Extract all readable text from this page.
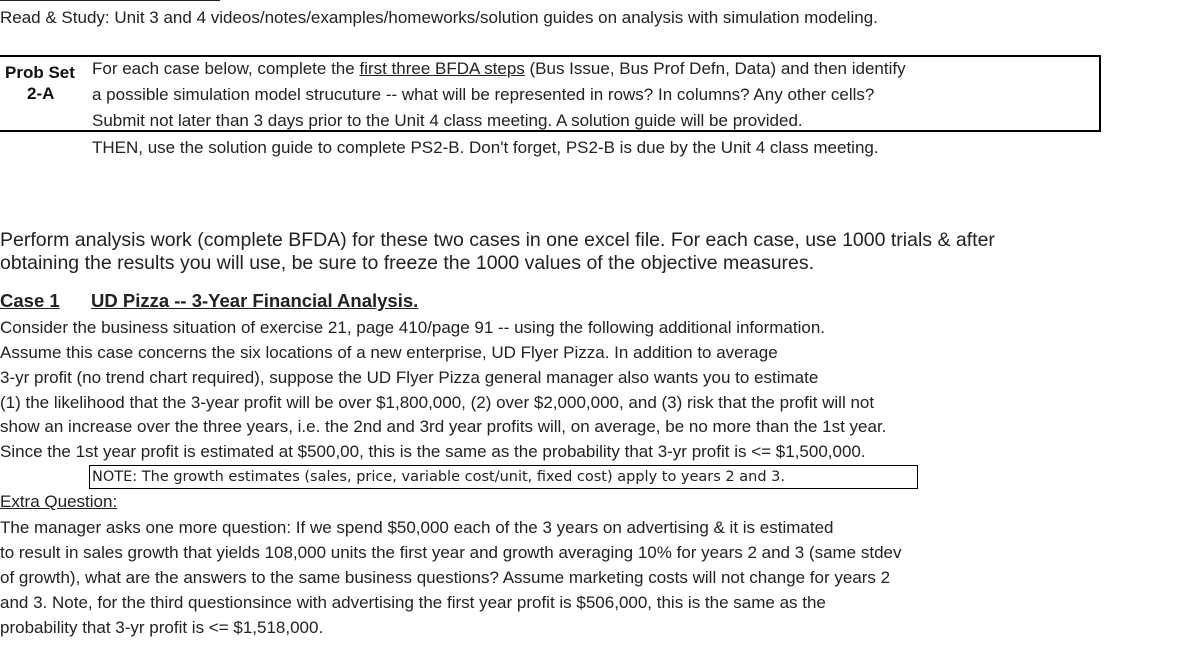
Read & Study: Unit 3 and 4 videos/notes/examples/homeworks/solution guides on analysis with simulation modeling.
Prob Set
2-A
For each case below, complete the first three BFDA steps (Bus Issue, Bus Prof Defn, Data) and then identify
a possible simulation model strucuture -- what will be represented in rows? In columns? Any other cells?
Submit not later than 3 days prior to the Unit 4 class meeting. A solution guide will be provided.
THEN, use the solution guide to complete PS2-B. Don't forget, PS2-B is due by the Unit 4 class meeting.
Perform analysis work (complete BFDA) for these two cases in one excel file. For each case, use 1000 trials & after
obtaining the results you will use, be sure to freeze the 1000 values of the objective measures.
Case 1 UD Pizza -- 3-Year Financial Analysis.
Consider the business situation of exercise 21, page 410/page 91 -- using the following additional information.
Assume this case concerns the six locations of a new enterprise, UD Flyer Pizza. In addition to average
3-yr profit (no trend chart required), suppose the UD Flyer Pizza general manager also wants you to estimate
(1) the likelihood that the 3-year profit will be over $1,800,000, (2) over $2,000,000, and (3) risk that the profit will not
show an increase over the three years, i.e. the 2nd and 3rd year profits will, on average, be no more than the 1st year.
Since the 1st year profit is estimated at $500,00, this is the same as the probability that 3-yr profit is <= $1,500,000.
NOTE: The growth estimates (sales, price, variable cost/unit, fixed cost) apply to years 2 and 3.
Extra Question:
The manager asks one more question: If we spend $50,000 each of the 3 years on advertising & it is estimated
to result in sales growth that yields 108,000 units the first year and growth averaging 10% for years 2 and 3 (same stdev
of growth), what are the answers to the same business questions? Assume marketing costs will not change for years 2
and 3. Note, for the third questionsince with advertising the first year profit is $506,000, this is the same as the
probability that 3-yr profit is <= $1,518,000.
